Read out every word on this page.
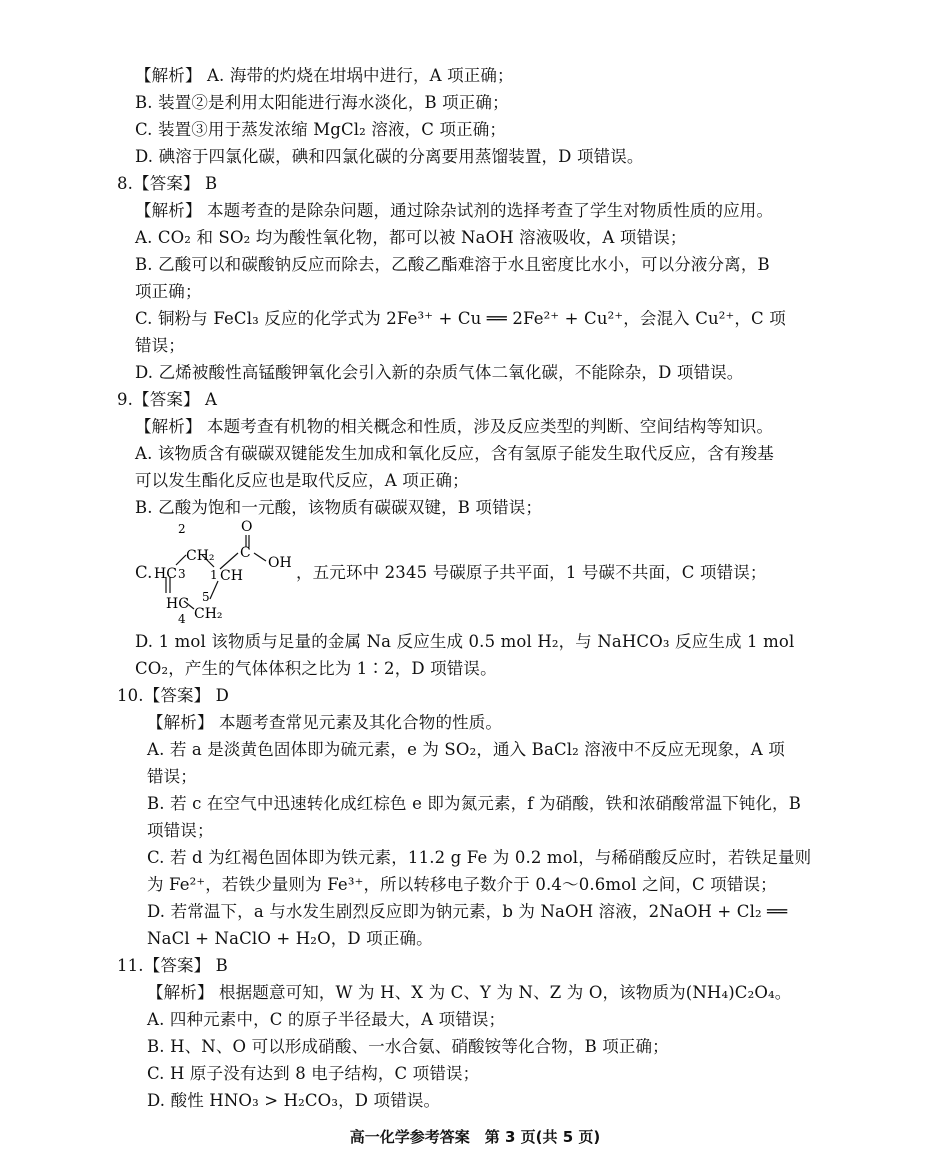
【解析】 A. 海带的灼烧在坩埚中进行，A 项正确；
B. 装置②是利用太阳能进行海水淡化，B 项正确；
C. 装置③用于蒸发浓缩 MgCl₂ 溶液，C 项正确；
D. 碘溶于四氯化碳，碘和四氯化碳的分离要用蒸馏装置，D 项错误。
8.【答案】 B
【解析】 本题考查的是除杂问题，通过除杂试剂的选择考查了学生对物质性质的应用。
A. CO₂ 和 SO₂ 均为酸性氧化物，都可以被 NaOH 溶液吸收，A 项错误；
B. 乙酸可以和碳酸钠反应而除去，乙酸乙酯难溶于水且密度比水小，可以分液分离，B
项正确；
C. 铜粉与 FeCl₃ 反应的化学式为 2Fe³⁺ + Cu ══ 2Fe²⁺ + Cu²⁺，会混入 Cu²⁺，C 项
错误；
D. 乙烯被酸性高锰酸钾氧化会引入新的杂质气体二氧化碳，不能除杂，D 项错误。
9.【答案】 A
【解析】 本题考查有机物的相关概念和性质，涉及反应类型的判断、空间结构等知识。
A. 该物质含有碳碳双键能发生加成和氧化反应，含有氢原子能发生取代反应，含有羧基
可以发生酯化反应也是取代反应，A 项正确；
B. 乙酸为饱和一元酸，该物质有碳碳双键，B 项错误；
C.
O
C
OH
2
CH₂
1 CH
HC 3
HC
4
5
CH₂
，五元环中 2345 号碳原子共平面，1 号碳不共面，C 项错误；
D. 1 mol 该物质与足量的金属 Na 反应生成 0.5 mol H₂，与 NaHCO₃ 反应生成 1 mol
CO₂，产生的气体体积之比为 1∶2，D 项错误。
10.【答案】 D
【解析】 本题考查常见元素及其化合物的性质。
A. 若 a 是淡黄色固体即为硫元素，e 为 SO₂，通入 BaCl₂ 溶液中不反应无现象，A 项
错误；
B. 若 c 在空气中迅速转化成红棕色 e 即为氮元素，f 为硝酸，铁和浓硝酸常温下钝化，B
项错误；
C. 若 d 为红褐色固体即为铁元素，11.2 g Fe 为 0.2 mol，与稀硝酸反应时，若铁足量则
为 Fe²⁺，若铁少量则为 Fe³⁺，所以转移电子数介于 0.4～0.6mol 之间，C 项错误；
D. 若常温下，a 与水发生剧烈反应即为钠元素，b 为 NaOH 溶液，2NaOH + Cl₂ ══
NaCl + NaClO + H₂O，D 项正确。
11.【答案】 B
【解析】 根据题意可知，W 为 H、X 为 C、Y 为 N、Z 为 O，该物质为(NH₄)C₂O₄。
A. 四种元素中，C 的原子半径最大，A 项错误；
B. H、N、O 可以形成硝酸、一水合氨、硝酸铵等化合物，B 项正确；
C. H 原子没有达到 8 电子结构，C 项错误；
D. 酸性 HNO₃ > H₂CO₃，D 项错误。
高一化学参考答案　第 3 页(共 5 页)
